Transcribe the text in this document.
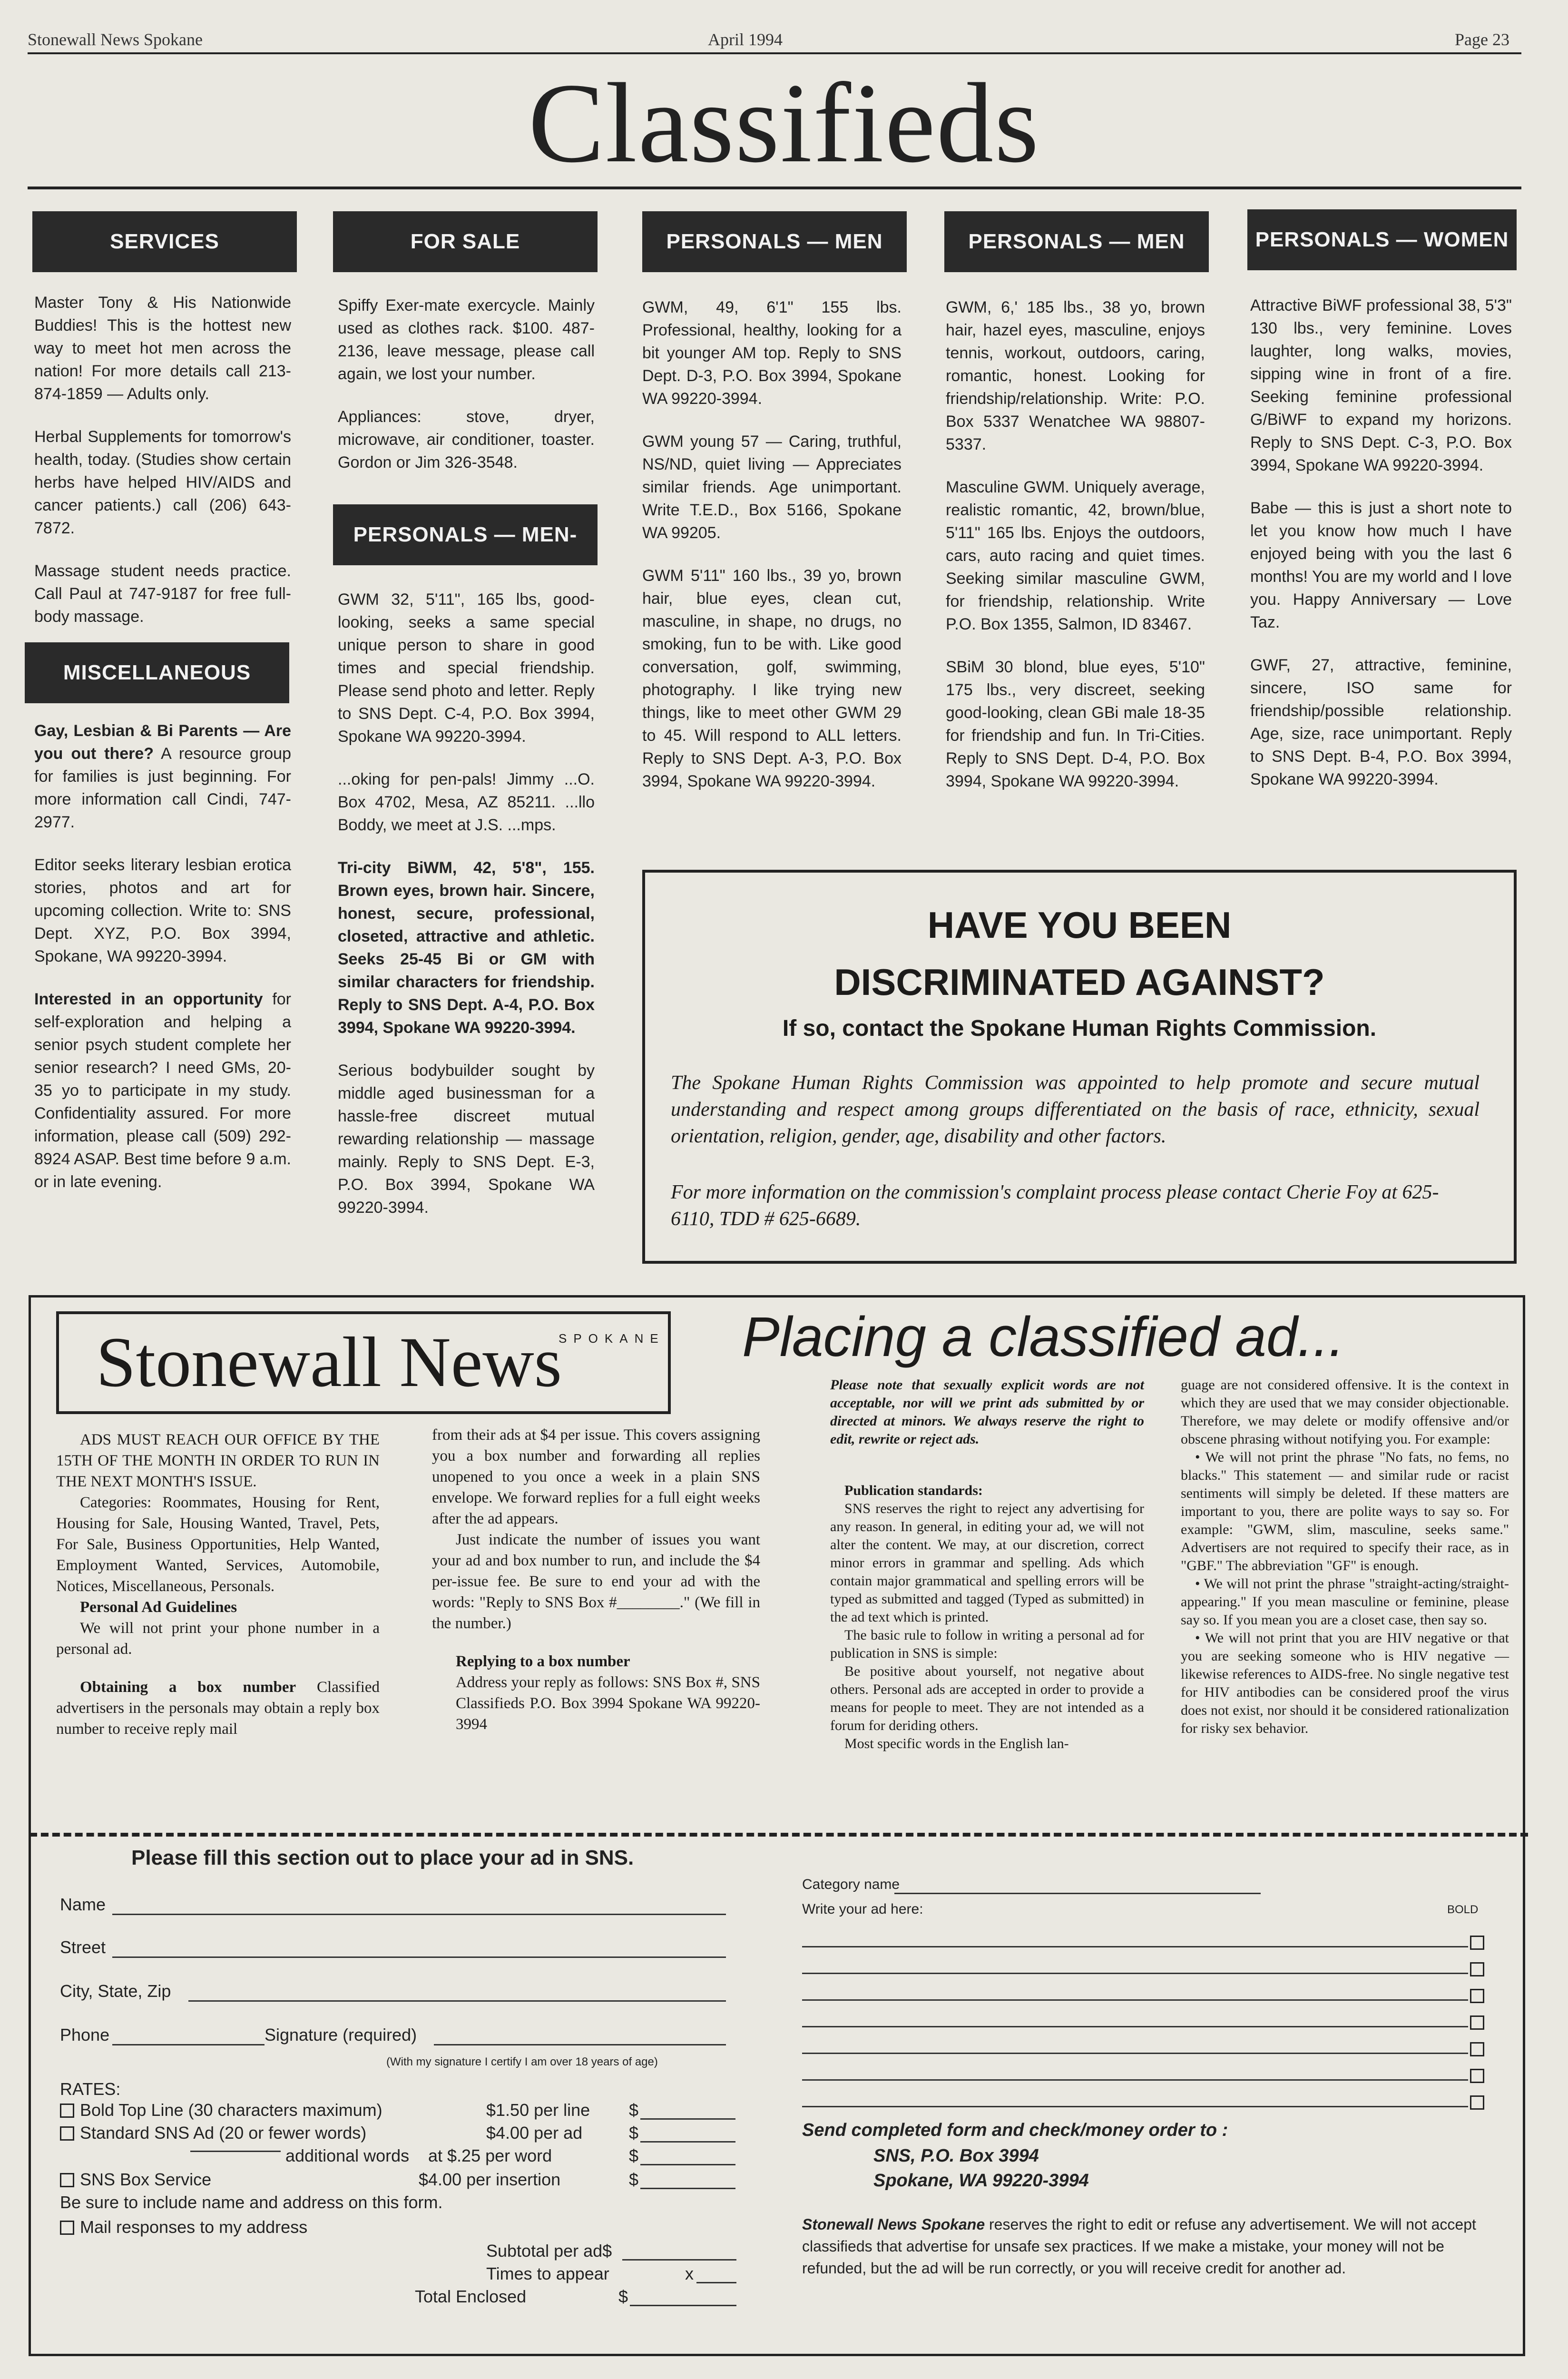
Stonewall News Spokane	April 1994	Page 23
Classifieds
SERVICES	FOR SALE	PERSONALS — MEN	PERSONALS — MEN	PERSONALS — WOMEN
PERSONALS — MEN-
MISCELLANEOUS

Master Tony & His Nationwide Buddies! This is the hottest new way to meet hot men across the nation! For more details call 213-874-1859 — Adults only.

Herbal Supplements for tomorrow's health, today. (Studies show certain herbs have helped HIV/AIDS and cancer patients.) call (206) 643-7872.

Massage student needs practice. Call Paul at 747-9187 for free full-body massage.

Gay, Lesbian & Bi Parents — Are you out there? A resource group for families is just beginning. For more information call Cindi, 747-2977.

Editor seeks literary lesbian erotica stories, photos and art for upcoming collection. Write to: SNS Dept. XYZ, P.O. Box 3994, Spokane, WA 99220-3994.

Interested in an opportunity for self-exploration and helping a senior psych student complete her senior research? I need GMs, 20-35 yo to participate in my study. Confidentiality assured. For more information, please call (509) 292-8924 ASAP. Best time before 9 a.m. or in late evening.

Spiffy Exer-mate exercycle. Mainly used as clothes rack. $100. 487-2136, leave message, please call again, we lost your number.

Appliances: stove, dryer, microwave, air conditioner, toaster. Gordon or Jim 326-3548.

GWM 32, 5'11", 165 lbs, good-looking, seeks a same special unique person to share in good times and special friendship. Please send photo and letter. Reply to SNS Dept. C-4, P.O. Box 3994, Spokane WA 99220-3994.

...oking for pen-pals! Jimmy ...O. Box 4702, Mesa, AZ 85211. ...llo Boddy, we meet at J.S. ...mps.

Tri-city BiWM, 42, 5'8", 155. Brown eyes, brown hair. Sincere, honest, secure, professional, closeted, attractive and athletic. Seeks 25-45 Bi or GM with similar characters for friendship. Reply to SNS Dept. A-4, P.O. Box 3994, Spokane WA 99220-3994.

Serious bodybuilder sought by middle aged businessman for a hassle-free discreet mutual rewarding relationship — massage mainly. Reply to SNS Dept. E-3, P.O. Box 3994, Spokane WA 99220-3994.

GWM, 49, 6'1" 155 lbs. Professional, healthy, looking for a bit younger AM top. Reply to SNS Dept. D-3, P.O. Box 3994, Spokane WA 99220-3994.

GWM young 57 — Caring, truthful, NS/ND, quiet living — Appreciates similar friends. Age unimportant. Write T.E.D., Box 5166, Spokane WA 99205.

GWM 5'11" 160 lbs., 39 yo, brown hair, blue eyes, clean cut, masculine, in shape, no drugs, no smoking, fun to be with. Like good conversation, golf, swimming, photography. I like trying new things, like to meet other GWM 29 to 45. Will respond to ALL letters. Reply to SNS Dept. A-3, P.O. Box 3994, Spokane WA 99220-3994.

GWM, 6,' 185 lbs., 38 yo, brown hair, hazel eyes, masculine, enjoys tennis, workout, outdoors, caring, romantic, honest. Looking for friendship/relationship. Write: P.O. Box 5337 Wenatchee WA 98807-5337.

Masculine GWM. Uniquely average, realistic romantic, 42, brown/blue, 5'11" 165 lbs. Enjoys the outdoors, cars, auto racing and quiet times. Seeking similar masculine GWM, for friendship, relationship. Write P.O. Box 1355, Salmon, ID 83467.

SBiM 30 blond, blue eyes, 5'10" 175 lbs., very discreet, seeking good-looking, clean GBi male 18-35 for friendship and fun. In Tri-Cities. Reply to SNS Dept. D-4, P.O. Box 3994, Spokane WA 99220-3994.

Attractive BiWF professional 38, 5'3" 130 lbs., very feminine. Loves laughter, long walks, movies, sipping wine in front of a fire. Seeking feminine professional G/BiWF to expand my horizons. Reply to SNS Dept. C-3, P.O. Box 3994, Spokane WA 99220-3994.

Babe — this is just a short note to let you know how much I have enjoyed being with you the last 6 months! You are my world and I love you. Happy Anniversary — Love Taz.

GWF, 27, attractive, feminine, sincere, ISO same for friendship/possible relationship. Age, size, race unimportant. Reply to SNS Dept. B-4, P.O. Box 3994, Spokane WA 99220-3994.

HAVE YOU BEEN
DISCRIMINATED AGAINST?
If so, contact the Spokane Human Rights Commission.
The Spokane Human Rights Commission was appointed to help promote and secure mutual understanding and respect among groups differentiated on the basis of race, ethnicity, sexual orientation, religion, gender, age, disability and other factors.
For more information on the commission's complaint process please contact Cherie Foy at 625-6110, TDD # 625-6689.
Stonewall News
SPOKANE Placing a classified ad...
ADS MUST REACH OUR OFFICE BY THE 15TH OF THE MONTH IN ORDER TO RUN IN THE NEXT MONTH'S ISSUE.
Categories: Roommates, Housing for Rent, Housing for Sale, Housing Wanted, Travel, Pets, For Sale, Business Opportunities, Help Wanted, Employment Wanted, Services, Automobile, Notices, Miscellaneous, Personals.
Personal Ad Guidelines
We will not print your phone number in a personal ad.
Obtaining a box number Classified advertisers in the personals may obtain a reply box number to receive reply mail
from their ads at $4 per issue. This covers assigning you a box number and forwarding all replies unopened to you once a week in a plain SNS envelope. We forward replies for a full eight weeks after the ad appears.
Just indicate the number of issues you want your ad and box number to run, and include the $4 per-issue fee. Be sure to end your ad with the words: "Reply to SNS Box #________." (We fill in the number.)
Replying to a box number
Address your reply as follows: SNS Box #, SNS Classifieds P.O. Box 3994 Spokane WA 99220-3994
Please note that sexually explicit words are not acceptable, nor will we print ads submitted by or directed at minors. We always reserve the right to edit, rewrite or reject ads.
Publication standards:
SNS reserves the right to reject any advertising for any reason. In general, in editing your ad, we will not alter the content. We may, at our discretion, correct minor errors in grammar and spelling. Ads which contain major grammatical and spelling errors will be typed as submitted and tagged (Typed as submitted) in the ad text which is printed.
The basic rule to follow in writing a personal ad for publication in SNS is simple:
Be positive about yourself, not negative about others. Personal ads are accepted in order to provide a means for people to meet. They are not intended as a forum for deriding others.
Most specific words in the English lan-
guage are not considered offensive. It is the context in which they are used that we may consider objectionable. Therefore, we may delete or modify offensive and/or obscene phrasing without notifying you. For example:
• We will not print the phrase "No fats, no fems, no blacks." This statement — and similar rude or racist sentiments will simply be deleted. If these matters are important to you, there are polite ways to say so. For example: "GWM, slim, masculine, seeks same." Advertisers are not required to specify their race, as in "GBF." The abbreviation "GF" is enough.
• We will not print the phrase "straight-acting/straight-appearing." If you mean masculine or feminine, please say so. If you mean you are a closet case, then say so.
• We will not print that you are HIV negative or that you are seeking someone who is HIV negative — likewise references to AIDS-free. No single negative test for HIV antibodies can be considered proof the virus does not exist, nor should it be considered rationalization for risky sex behavior.
Please fill this section out to place your ad in SNS.
Name
Street
City, State, Zip
Phone	Signature (required)
(With my signature I certify I am over 18 years of age)
RATES:
Bold Top Line (30 characters maximum)	$1.50 per line $
Standard SNS Ad (20 or fewer words)	$4.00 per ad	$
additional words at $.25 per word	$
SNS Box Service	$4.00 per insertion	$
Be sure to include name and address on this form.
Mail responses to my address
Subtotal per ad$
Times to appear	x
Total Enclosed	$
Category name
Write your ad here:	BOLD
Send completed form and check/money order to :
SNS, P.O. Box 3994
Spokane, WA 99220-3994
Stonewall News Spokane reserves the right to edit or refuse any advertisement. We will not accept classifieds that advertise for unsafe sex practices. If we make a mistake, your money will not be refunded, but the ad will be run correctly, or you will receive credit for another ad.
